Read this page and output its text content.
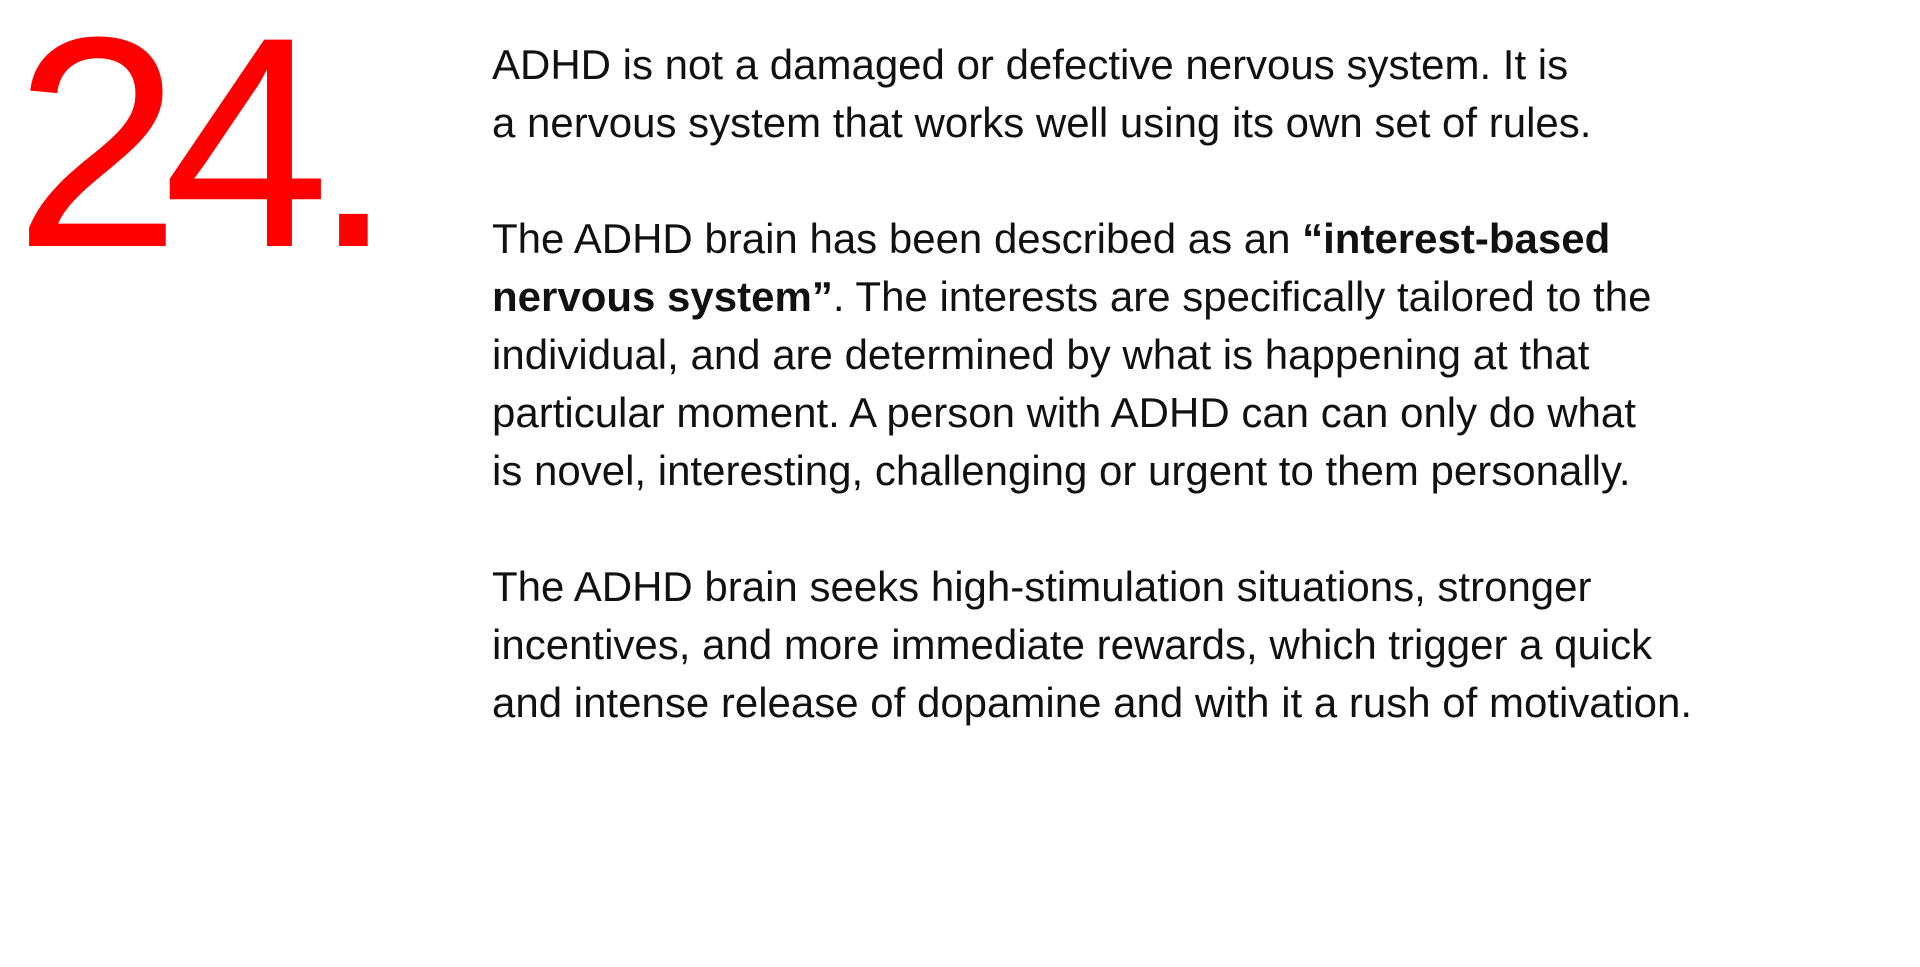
24.	ADHD is not a damaged or defective nervous system. It is
a nervous system that works well using its own set of rules.

The ADHD brain has been described as an “interest-based
nervous system”. The interests are specifically tailored to the
individual, and are determined by what is happening at that
particular moment. A person with ADHD can can only do what
is novel, interesting, challenging or urgent to them personally.

The ADHD brain seeks high-stimulation situations, stronger
incentives, and more immediate rewards, which trigger a quick
and intense release of dopamine and with it a rush of motivation.
